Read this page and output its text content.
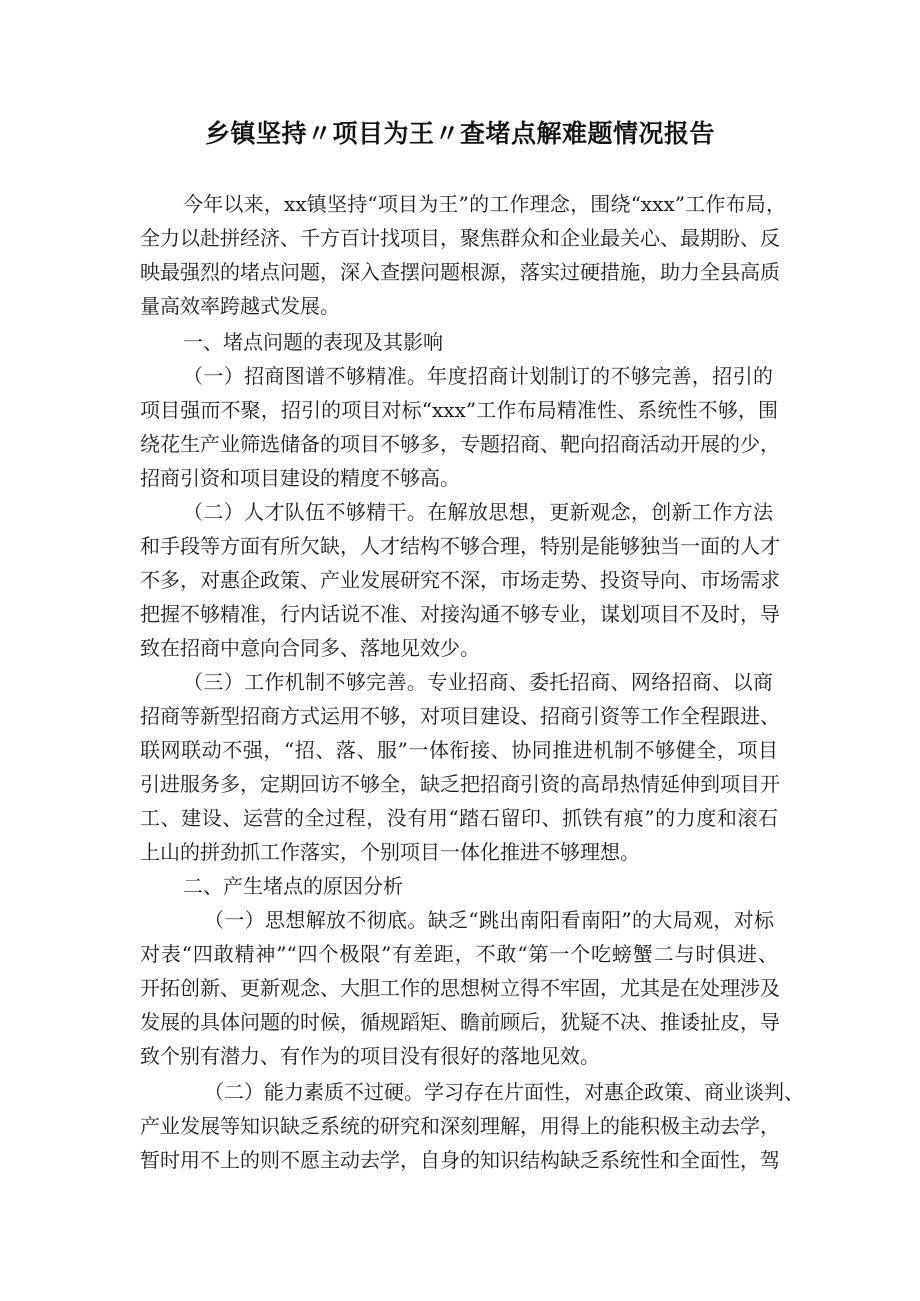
乡镇坚持〃项目为王〃查堵点解难题情况报告
今年以来，xx镇坚持“项目为王”的工作理念，围绕“xxx”工作布局，
全力以赴拼经济、千方百计找项目，聚焦群众和企业最关心、最期盼、反
映最强烈的堵点问题，深入查摆问题根源，落实过硬措施，助力全县高质
量高效率跨越式发展。
一、堵点问题的表现及其影响
（一）招商图谱不够精准。年度招商计划制订的不够完善，招引的
项目强而不聚，招引的项目对标“xxx”工作布局精准性、系统性不够，围
绕花生产业筛选储备的项目不够多，专题招商、靶向招商活动开展的少，
招商引资和项目建设的精度不够高。
（二）人才队伍不够精干。在解放思想，更新观念，创新工作方法
和手段等方面有所欠缺，人才结构不够合理，特别是能够独当一面的人才
不多，对惠企政策、产业发展研究不深，市场走势、投资导向、市场需求
把握不够精准，行内话说不准、对接沟通不够专业，谋划项目不及时，导
致在招商中意向合同多、落地见效少。
（三）工作机制不够完善。专业招商、委托招商、网络招商、以商
招商等新型招商方式运用不够，对项目建设、招商引资等工作全程跟进、
联网联动不强，“招、落、服”一体衔接、协同推进机制不够健全，项目
引进服务多，定期回访不够全，缺乏把招商引资的高昂热情延伸到项目开
工、建设、运营的全过程，没有用“踏石留印、抓铁有痕”的力度和滚石
上山的拼劲抓工作落实，个别项目一体化推进不够理想。
二、产生堵点的原因分析
（一）思想解放不彻底。缺乏“跳出南阳看南阳”的大局观，对标
对表“四敢精神”“四个极限”有差距，不敢“第一个吃螃蟹二与时俱进、
开拓创新、更新观念、大胆工作的思想树立得不牢固，尤其是在处理涉及
发展的具体问题的时候，循规蹈矩、瞻前顾后，犹疑不决、推诿扯皮，导
致个别有潜力、有作为的项目没有很好的落地见效。
（二）能力素质不过硬。学习存在片面性，对惠企政策、商业谈判、
产业发展等知识缺乏系统的研究和深刻理解，用得上的能积极主动去学，
暂时用不上的则不愿主动去学，自身的知识结构缺乏系统性和全面性，驾
